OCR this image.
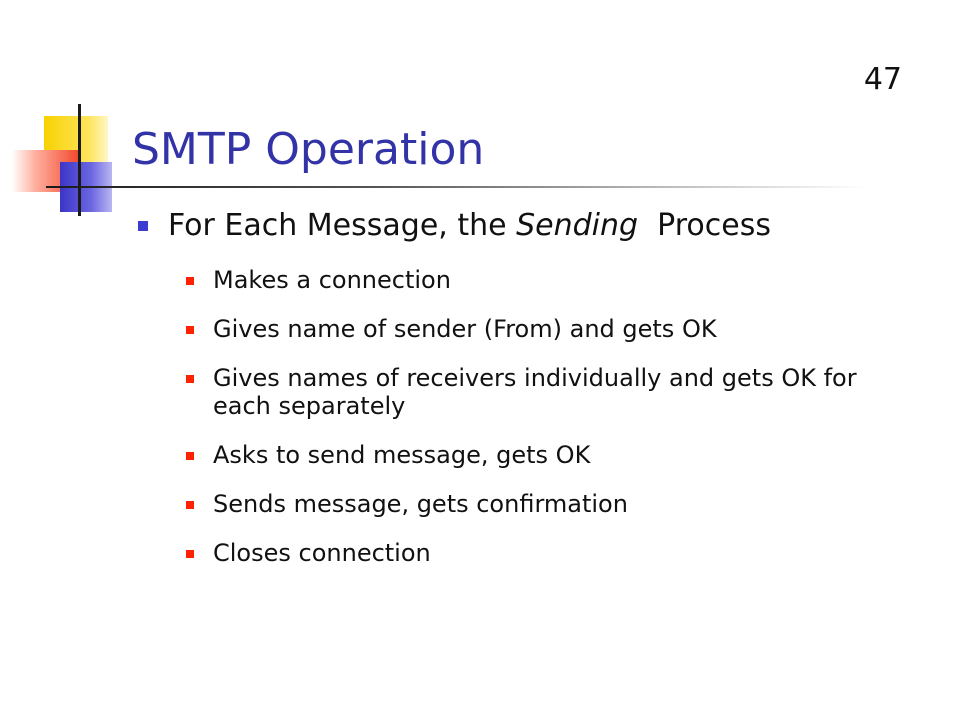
47
SMTP Operation
For Each Message, the Sending  Process
Makes a connection
Gives name of sender (From) and gets OK
Gives names of receivers individually and gets OK for each separately
Asks to send message, gets OK
Sends message, gets confirmation
Closes connection
